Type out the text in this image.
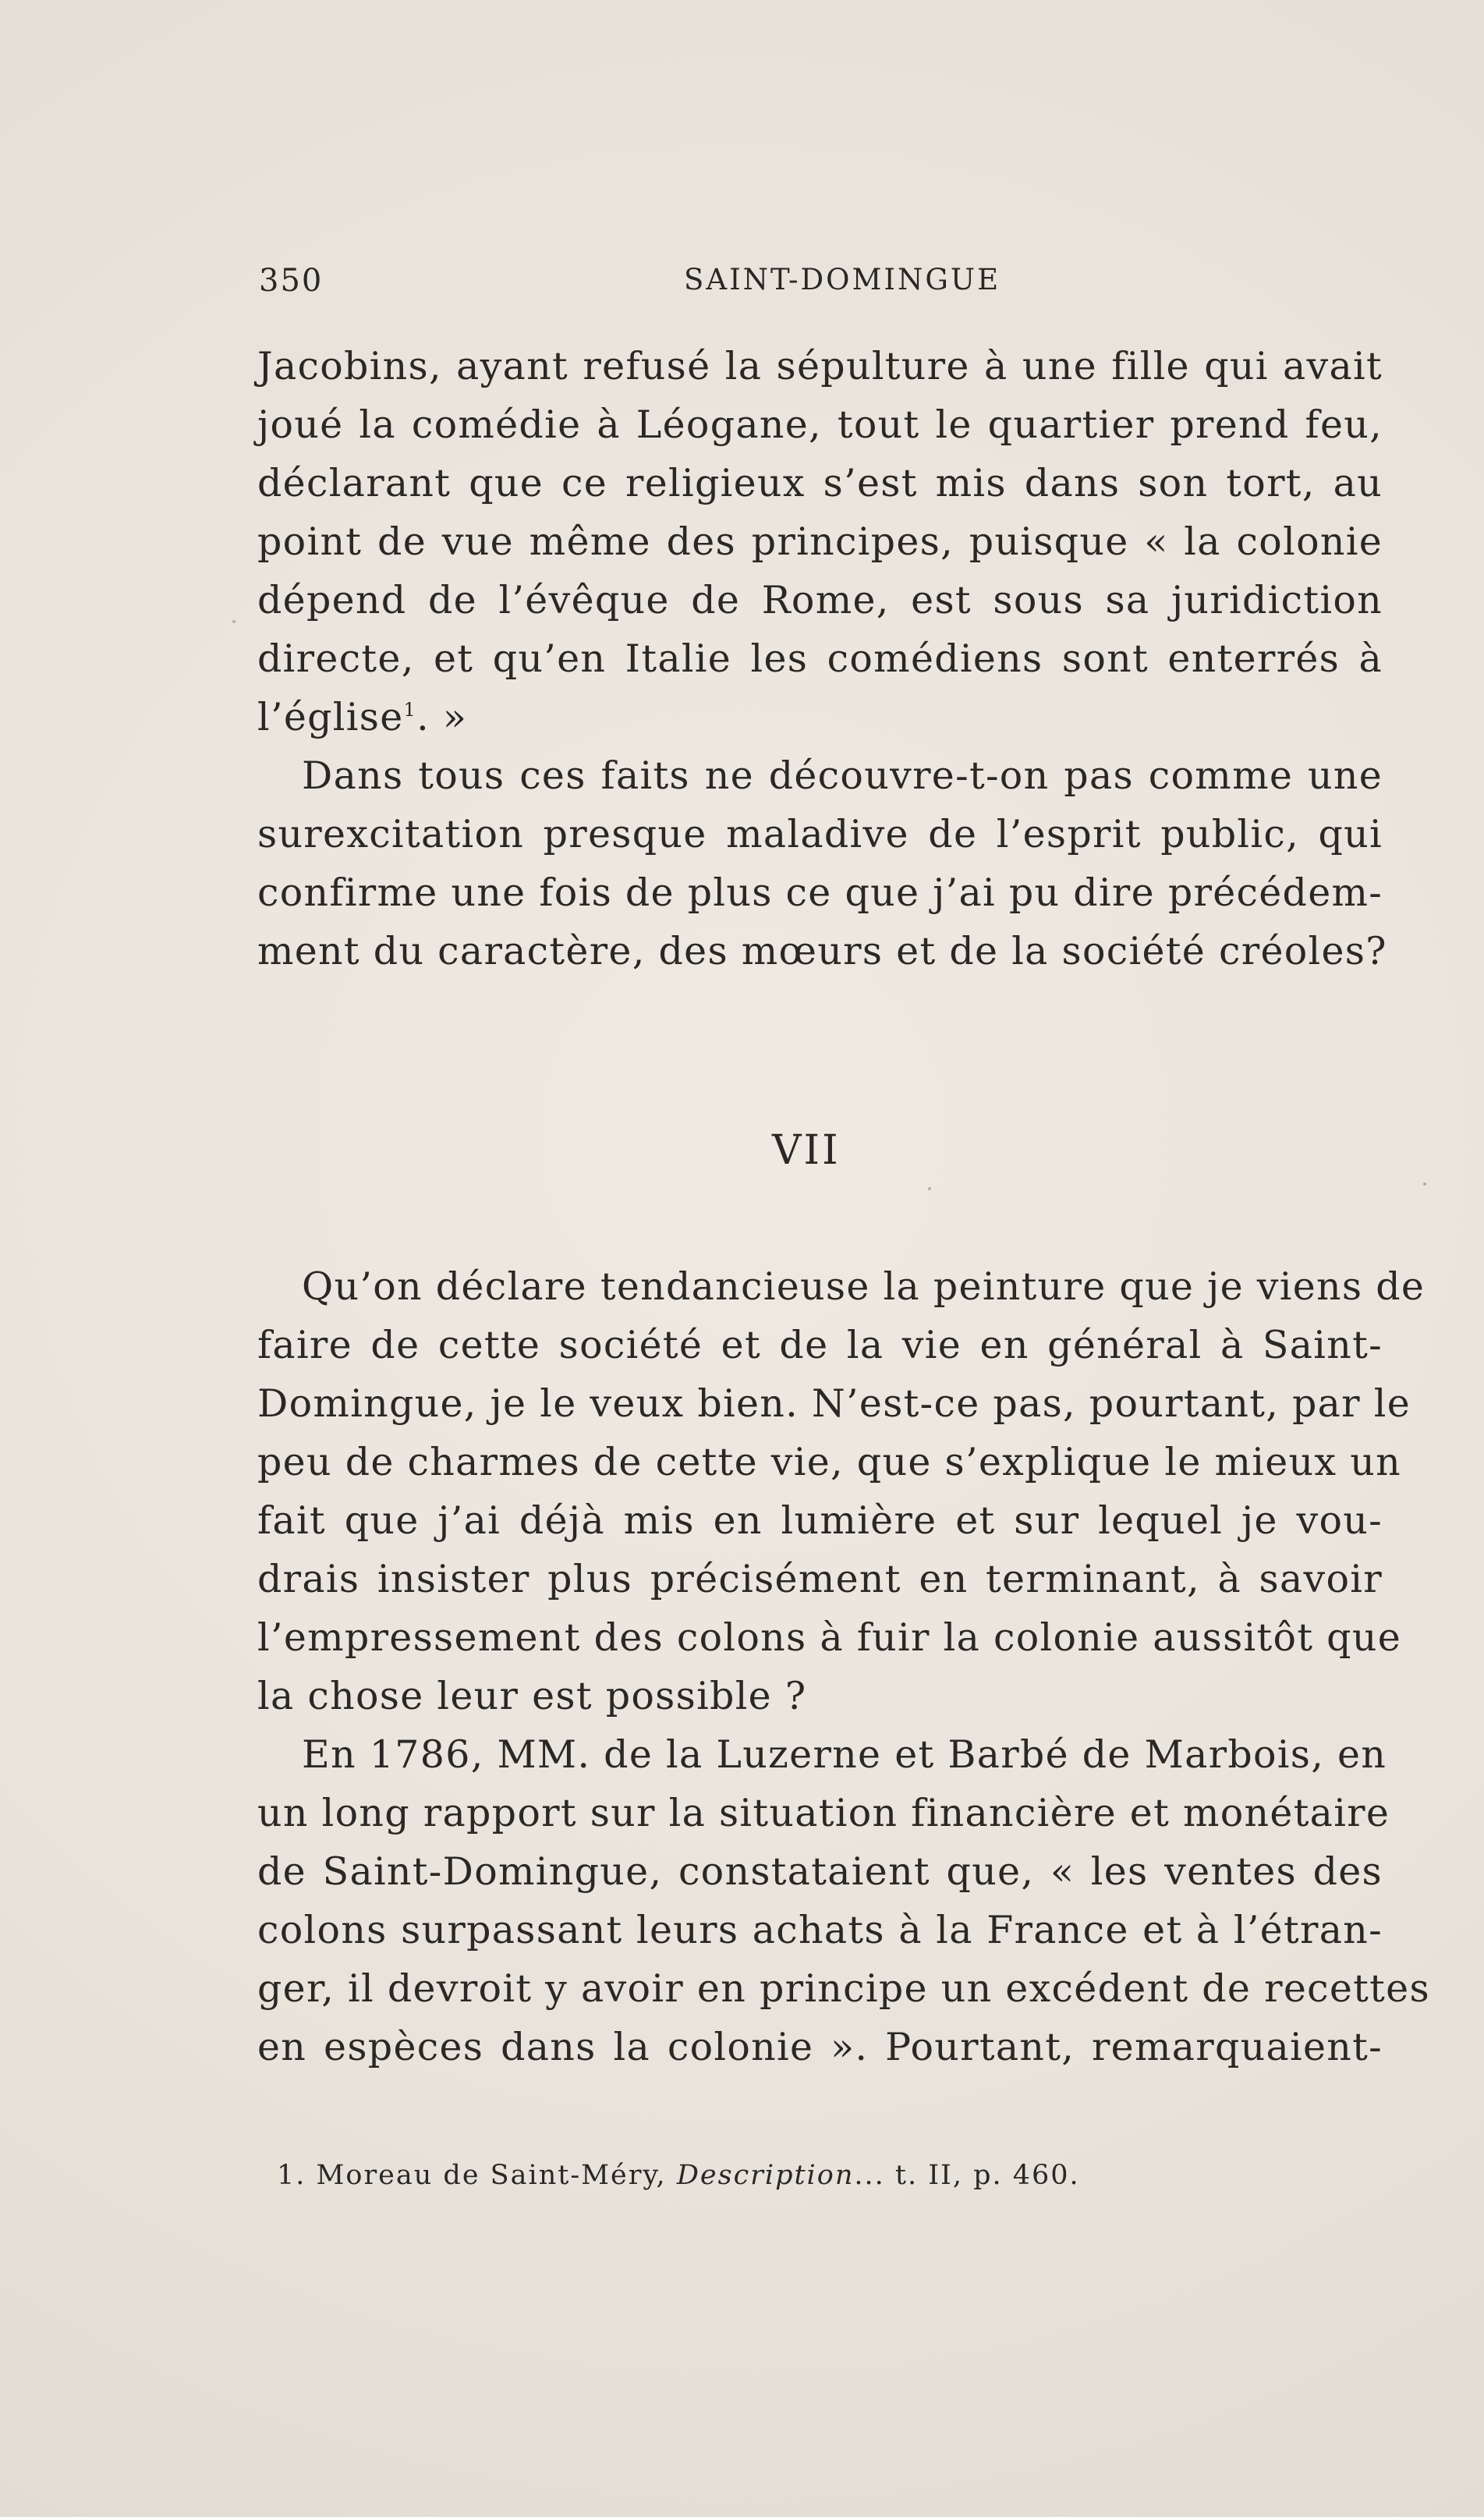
350	SAINT-DOMINGUE
Jacobins, ayant refusé la sépulture à une fille qui avait
joué la comédie à Léogane, tout le quartier prend feu,
déclarant que ce religieux s’est mis dans son tort, au
point de vue même des principes, puisque « la colonie
dépend de l’évêque de Rome, est sous sa juridiction
directe, et qu’en Italie les comédiens sont enterrés à
l’église$^1$. »
Dans tous ces faits ne découvre-t-on pas comme une
surexcitation presque maladive de l’esprit public, qui
confirme une fois de plus ce que j’ai pu dire précédem-
ment du caractère, des mœurs et de la société créoles?
VII
Qu’on déclare tendancieuse la peinture que je viens de
faire de cette société et de la vie en général à Saint-
Domingue, je le veux bien. N’est-ce pas, pourtant, par le
peu de charmes de cette vie, que s’explique le mieux un
fait que j’ai déjà mis en lumière et sur lequel je vou-
drais insister plus précisément en terminant, à savoir
l’empressement des colons à fuir la colonie aussitôt que
la chose leur est possible ?
En 1786, MM. de la Luzerne et Barbé de Marbois, en
un long rapport sur la situation financière et monétaire
de Saint-Domingue, constataient que, « les ventes des
colons surpassant leurs achats à la France et à l’étran-
ger, il devroit y avoir en principe un excédent de recettes
en espèces dans la colonie ». Pourtant, remarquaient-
1. Moreau de Saint-Méry, Description... t. II, p. 460.
